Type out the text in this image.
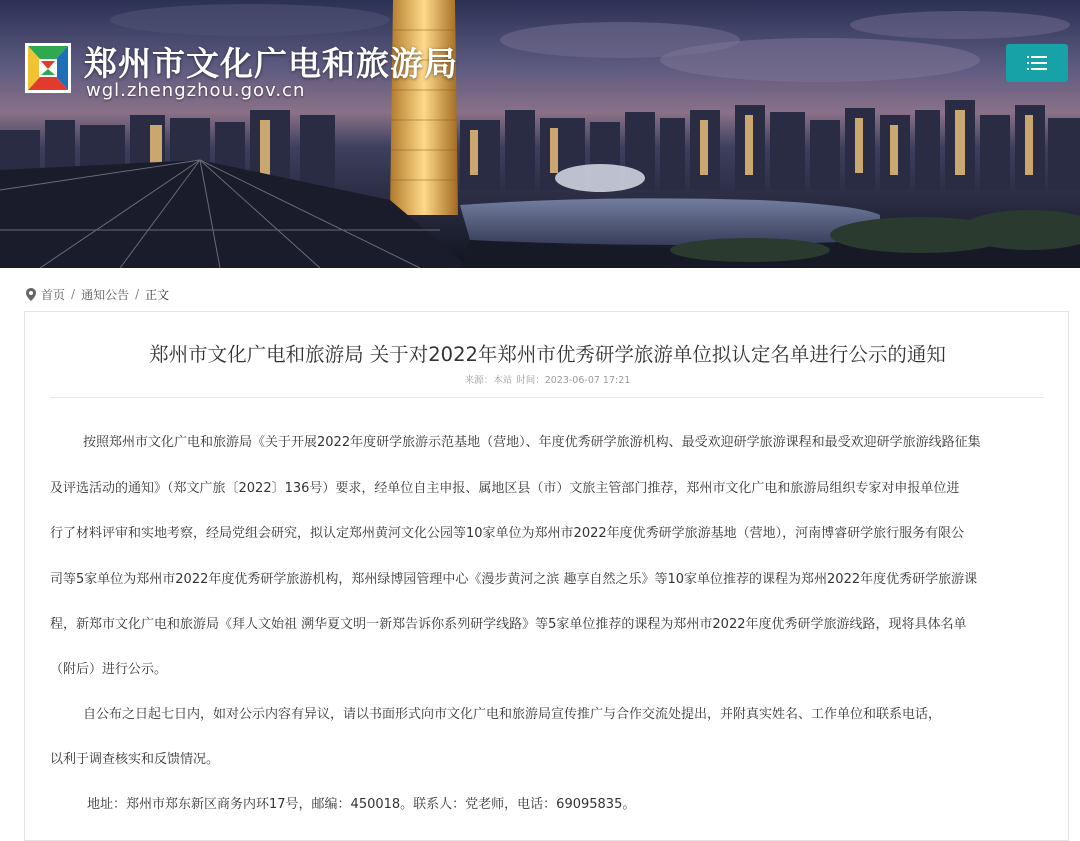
郑州市文化广电和旅游局
wgl.zhengzhou.gov.cn
首页 / 通知公告 / 正文
郑州市文化广电和旅游局 关于对2022年郑州市优秀研学旅游单位拟认定名单进行公示的通知
来源：本站 时间：2023-06-07 17:21
按照郑州市文化广电和旅游局《关于开展2022年度研学旅游示范基地（营地）、年度优秀研学旅游机构、最受欢迎研学旅游课程和最受欢迎研学旅游线路征集
及评选活动的通知》（郑文广旅〔2022〕136号）要求，经单位自主申报、属地区县（市）文旅主管部门推荐，郑州市文化广电和旅游局组织专家对申报单位进
行了材料评审和实地考察，经局党组会研究，拟认定郑州黄河文化公园等10家单位为郑州市2022年度优秀研学旅游基地（营地），河南博睿研学旅行服务有限公
司等5家单位为郑州市2022年度优秀研学旅游机构，郑州绿博园管理中心《漫步黄河之滨 趣享自然之乐》等10家单位推荐的课程为郑州2022年度优秀研学旅游课
程，新郑市文化广电和旅游局《拜人文始祖 溯华夏文明一新郑告诉你系列研学线路》等5家单位推荐的课程为郑州市2022年度优秀研学旅游线路，现将具体名单
（附后）进行公示。
自公布之日起七日内，如对公示内容有异议，请以书面形式向市文化广电和旅游局宣传推广与合作交流处提出，并附真实姓名、工作单位和联系电话，
以利于调查核实和反馈情况。
地址：郑州市郑东新区商务内环17号，邮编：450018。联系人：党老师，电话：69095835。
